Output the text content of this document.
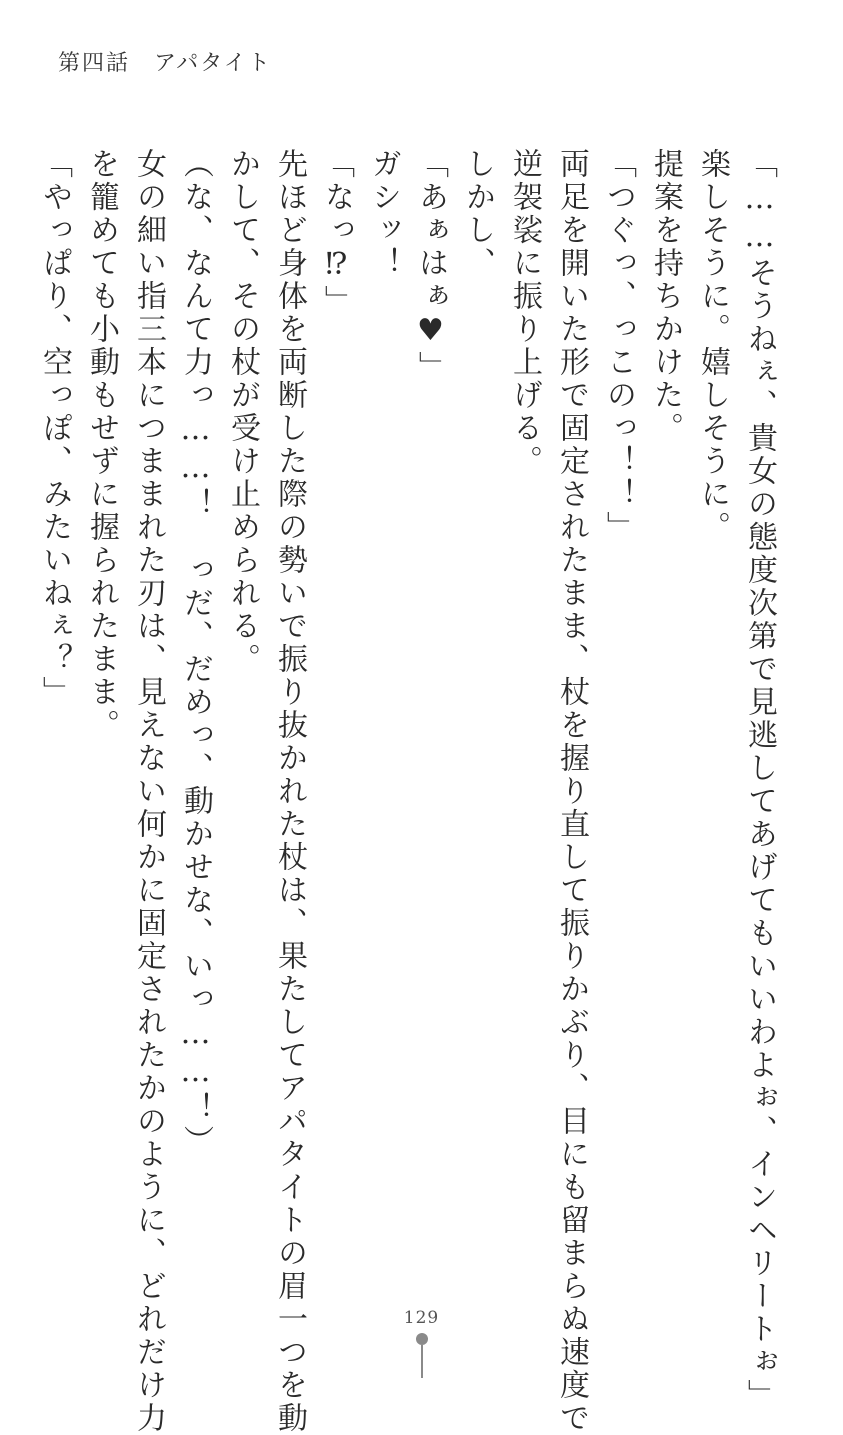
第四話　アパタイト
「……そうねぇ、貴女の態度次第で見逃してあげてもいいわよぉ、インヘリートぉ」
楽しそうに。嬉しそうに。
提案を持ちかけた。
「つぐっ、っこのっ！！」
両足を開いた形で固定されたまま、杖を握り直して振りかぶり、目にも留まらぬ速度で
逆袈裟に振り上げる。
しかし、
「あぁはぁ♥」
ガシッ！
「なっ⁉」
先ほど身体を両断した際の勢いで振り抜かれた杖は、果たしてアパタイトの眉一つを動
かして、その杖が受け止められる。
（な、なんて力っ……！　っだ、だめっ、動かせな、いっ……！）
女の細い指三本につままれた刃は、見えない何かに固定されたかのように、どれだけ力
を籠めても小動もせずに握られたまま。
「やっぱり、空っぽ、みたいねぇ？」
129
